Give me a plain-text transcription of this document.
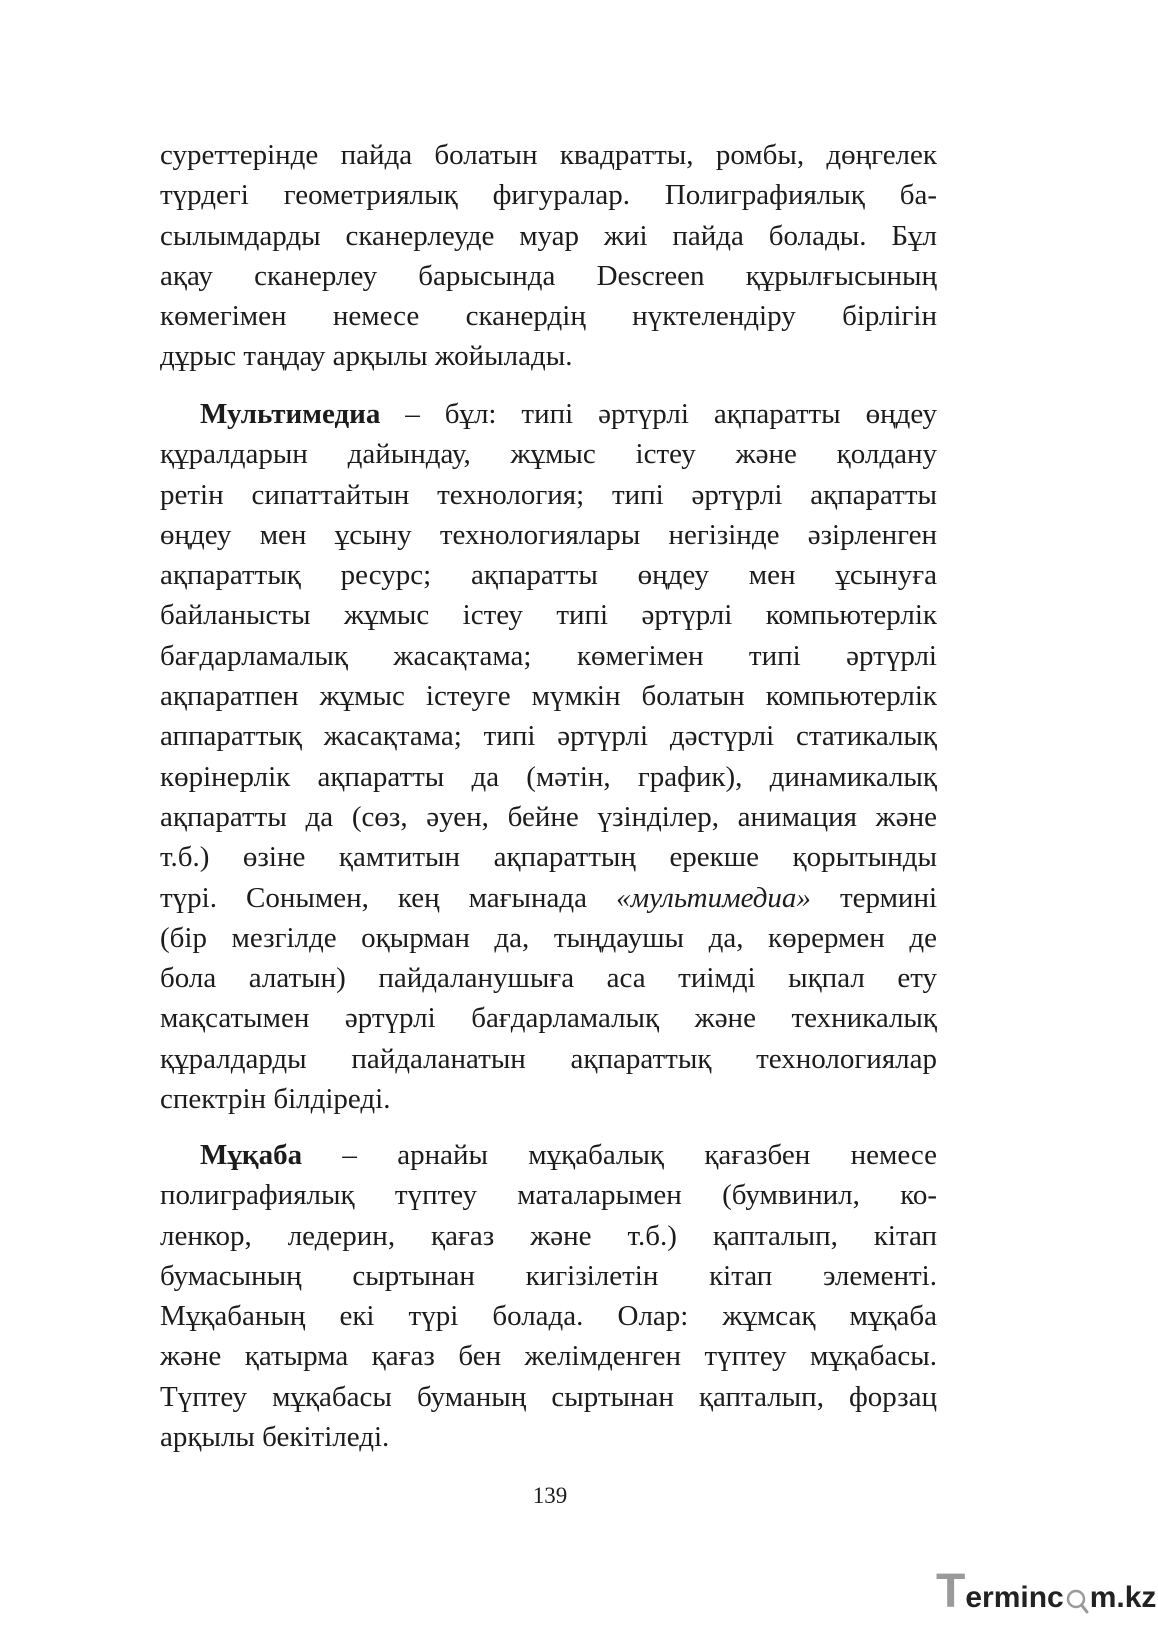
суреттерінде пайда болатын квадратты, ромбы, дөңгелек
түрдегі геометриялық фигуралар. Полиграфиялық ба-
сылымдарды сканерлеуде муар жиі пайда болады. Бұл
ақау сканерлеу барысында Descreen құрылғысының
көмегімен немесе сканердің нүктелендіру бірлігін
дұрыс таңдау арқылы жойылады.
Мультимедиа – бұл: типі әртүрлі ақпаратты өңдеу
құралдарын дайындау, жұмыс істеу және қолдану
ретін сипаттайтын технология; типі әртүрлі ақпаратты
өңдеу мен ұсыну технологиялары негізінде әзірленген
ақпараттық ресурс; ақпаратты өңдеу мен ұсынуға
байланысты жұмыс істеу типі әртүрлі компьютерлік
бағдарламалық жасақтама; көмегімен типі әртүрлі
ақпаратпен жұмыс істеуге мүмкін болатын компьютерлік
аппараттық жасақтама; типі әртүрлі дәстүрлі статикалық
көрінерлік ақпаратты да (мәтін, график), динамикалық
ақпаратты да (сөз, әуен, бейне үзінділер, анимация және
т.б.) өзіне қамтитын ақпараттың ерекше қорытынды
түрі. Сонымен, кең мағынада «мультимедиа» термині
(бір мезгілде оқырман да, тыңдаушы да, көрермен де
бола алатын) пайдаланушыға аса тиімді ықпал ету
мақсатымен әртүрлі бағдарламалық және техникалық
құралдарды пайдаланатын ақпараттық технологиялар
спектрін білдіреді.
Мұқаба – арнайы мұқабалық қағазбен немесе
полиграфиялық түптеу маталарымен (бумвинил, ко-
ленкор, ледерин, қағаз және т.б.) қапталып, кітап
бумасының сыртынан кигізілетін кітап элементі.
Мұқабаның екі түрі болада. Олар: жұмсақ мұқаба
және қатырма қағаз бен желімденген түптеу мұқабасы.
Түптеу мұқабасы буманың сыртынан қапталып, форзац
арқылы бекітіледі.
139
T erminc m.kz
